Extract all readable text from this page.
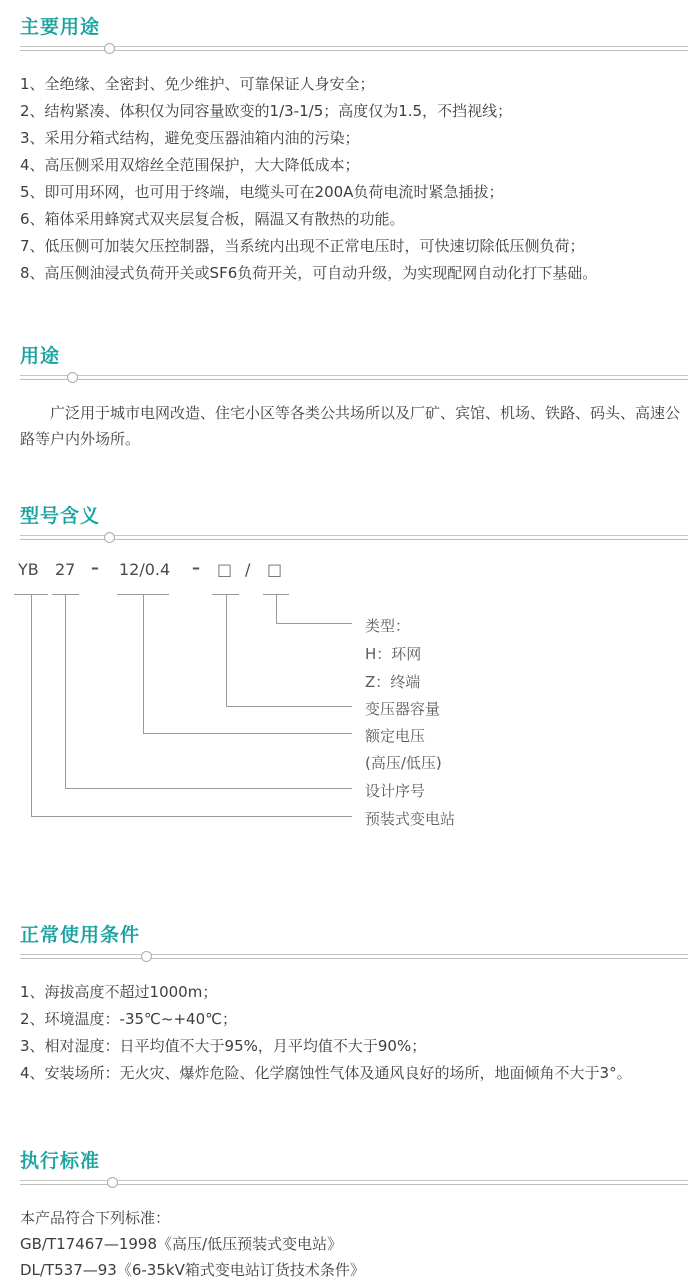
主要用途
1、全绝缘、全密封、免少维护、可靠保证人身安全；
2、结构紧凑、体积仅为同容量欧变的1/3-1/5；高度仅为1.5，不挡视线；
3、采用分箱式结构，避免变压器油箱内油的污染；
4、高压侧采用双熔丝全范围保护，大大降低成本；
5、即可用环网，也可用于终端，电缆头可在200A负荷电流时紧急插拔；
6、箱体采用蜂窝式双夹层复合板，隔温又有散热的功能。
7、低压侧可加装欠压控制器，当系统内出现不正常电压时，可快速切除低压侧负荷；
8、高压侧油浸式负荷开关或SF6负荷开关，可自动升级，为实现配网自动化打下基础。
用途
广泛用于城市电网改造、住宅小区等各类公共场所以及厂矿、宾馆、机场、铁路、码头、高速公路等户内外场所。
型号含义
YB 27 – 12/0.4 – □ / □
类型：
H：环网
Z：终端
变压器容量
额定电压
(高压/低压)
设计序号
预装式变电站
正常使用条件
1、海拔高度不超过1000m；
2、环境温度：-35℃~+40℃；
3、相对湿度：日平均值不大于95%，月平均值不大于90%；
4、安装场所：无火灾、爆炸危险、化学腐蚀性气体及通风良好的场所，地面倾角不大于3°。
执行标准
本产品符合下列标准：
GB/T17467—1998《高压/低压预装式变电站》
DL/T537—93《6-35kV箱式变电站订货技术条件》
